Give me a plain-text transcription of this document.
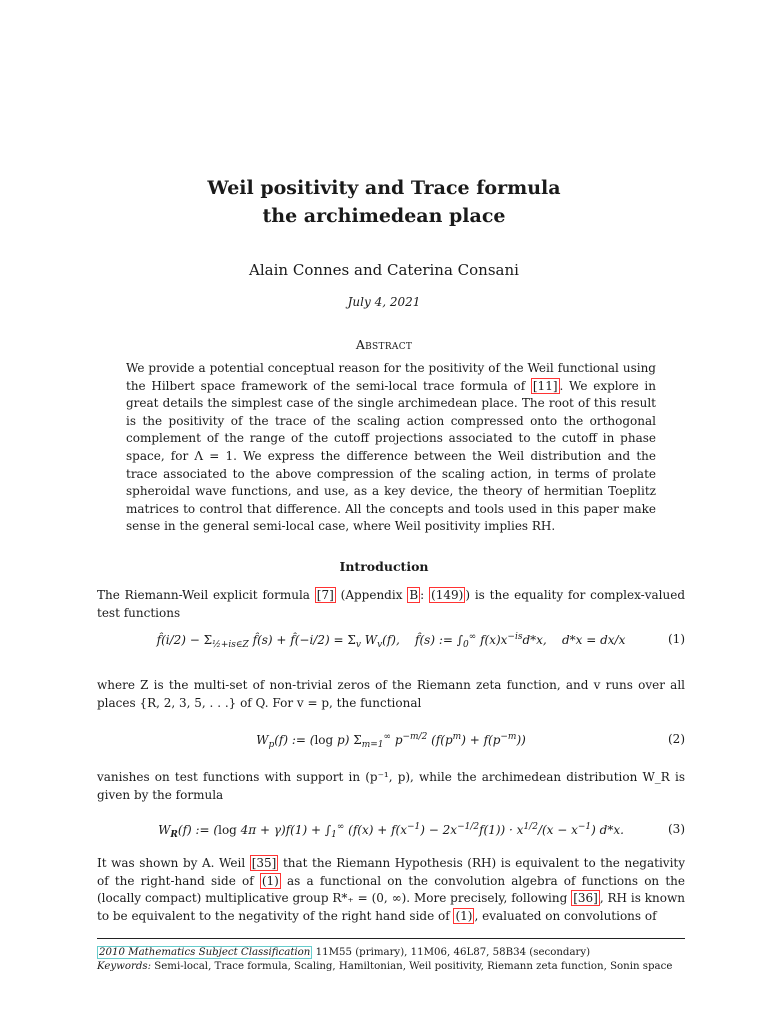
Weil positivity and Trace formula
the archimedean place
Alain Connes and Caterina Consani
July 4, 2021
Abstract
We provide a potential conceptual reason for the positivity of the Weil functional using the Hilbert space framework of the semi-local trace formula of [11] . We explore in great details the simplest case of the single archimedean place. The root of this result is the positivity of the trace of the scaling action compressed onto the orthogonal complement of the range of the cutoff projections associated to the cutoff in phase space, for Λ = 1. We express the difference between the Weil distribution and the trace associated to the above compression of the scaling action, in terms of prolate spheroidal wave functions, and use, as a key device, the theory of hermitian Toeplitz matrices to control that difference. All the concepts and tools used in this paper make sense in the general semi-local case, where Weil positivity implies RH.
Introduction
The Riemann-Weil explicit formula [7] (Appendix B : (149) ) is the equality for complex-valued test functions
f̂(i/2) − $\Sigma_{\frac{1}{2}+is\in Z}$ f̂(s) + f̂(−i/2) = $\Sigma_v$ $W_v(f)$,    f̂(s) := $\int_0^\infty$ $f(x)x^{-is}d*x$,    d*x = dx/x	(1)
where Z is the multi-set of non-trivial zeros of the Riemann zeta function, and v runs over all places {R, 2, 3, 5, . . .} of Q. For v = p, the functional
$W_p(f)$ := (log p) $\Sigma_{m=1}^\infty$ $p^{-m/2}$ $(f(p^m) + f(p^{-m}))$	(2)
vanishes on test functions with support in (p⁻¹, p), while the archimedean distribution W_R is given by the formula
$W_R(f)$ := (log $4\pi + \gamma)f(1) + \int_1^\infty$ $(f(x) + f(x^{-1}) - 2x^{-1/2}f(1)) \cdot x^{1/2}/(x - x^{-1})$ d*x.	(3)
It was shown by A. Weil [35] that the Riemann Hypothesis (RH) is equivalent to the negativity of the right-hand side of (1) as a functional on the convolution algebra of functions on the (locally compact) multiplicative group R*₊ = (0, ∞). More precisely, following [36] , RH is known to be equivalent to the negativity of the right hand side of (1) , evaluated on convolutions of
2010 Mathematics Subject Classification 11M55 (primary), 11M06, 46L87, 58B34 (secondary)
Keywords: Semi-local, Trace formula, Scaling, Hamiltonian, Weil positivity, Riemann zeta function, Sonin space
